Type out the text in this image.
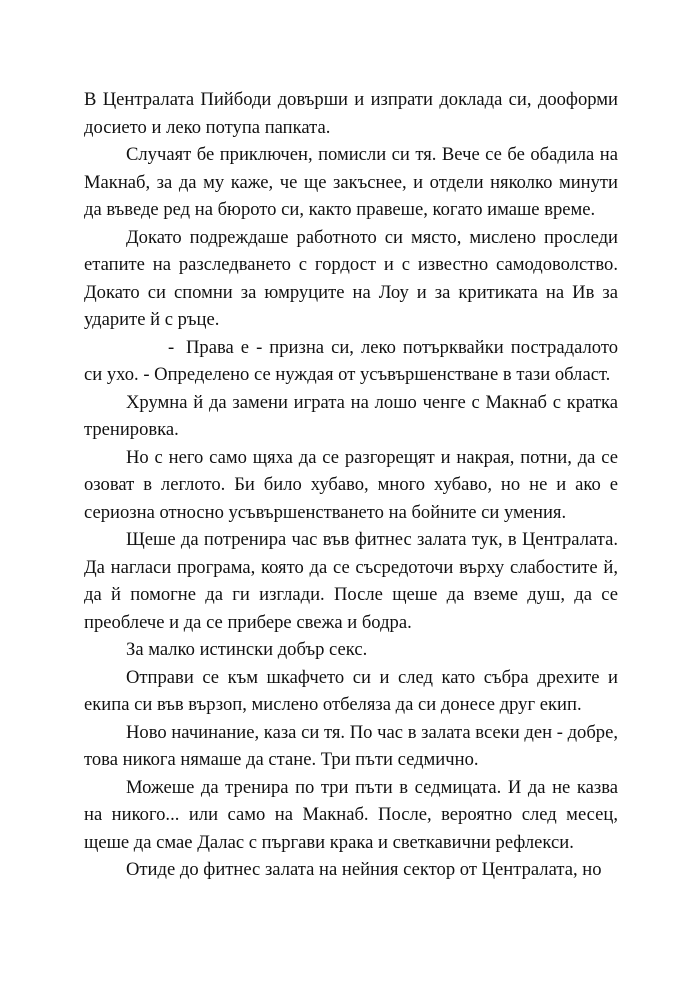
В Централата Пийбоди довърши и изпрати доклада си, дооформи досието и леко потупа папката.

Случаят бе приключен, помисли си тя. Вече се бе обадила на Макнаб, за да му каже, че ще закъснее, и отдели няколко минути да въведе ред на бюрото си, както правеше, когато имаше време.

Докато подреждаше работното си място, мислено проследи етапите на разследването с гордост и с известно самодоволство. Докато си спомни за юмруците на Лоу и за критиката на Ив за ударите й с ръце.

- Права е - призна си, леко потърквайки пострадалото си ухо. - Определено се нуждая от усъвършенстване в тази област.

Хрумна й да замени играта на лошо ченге с Макнаб с кратка тренировка.

Но с него само щяха да се разгорещят и накрая, потни, да се озоват в леглото. Би било хубаво, много хубаво, но не и ако е сериозна относно усъвършенстването на бойните си умения.

Щеше да потренира час във фитнес залата тук, в Централата. Да нагласи програма, която да се съсредоточи върху слабостите й, да й помогне да ги изглади. После щеше да вземе душ, да се преоблече и да се прибере свежа и бодра.

За малко истински добър секс.

Отправи се към шкафчето си и след като събра дрехите и екипа си във вързоп, мислено отбеляза да си донесе друг екип.

Ново начинание, каза си тя. По час в залата всеки ден - добре, това никога нямаше да стане. Три пъти седмично.

Можеше да тренира по три пъти в седмицата. И да не казва на никого... или само на Макнаб. После, вероятно след месец, щеше да смае Далас с пъргави крака и светкавични рефлекси.

Отиде до фитнес залата на нейния сектор от Централата, но
